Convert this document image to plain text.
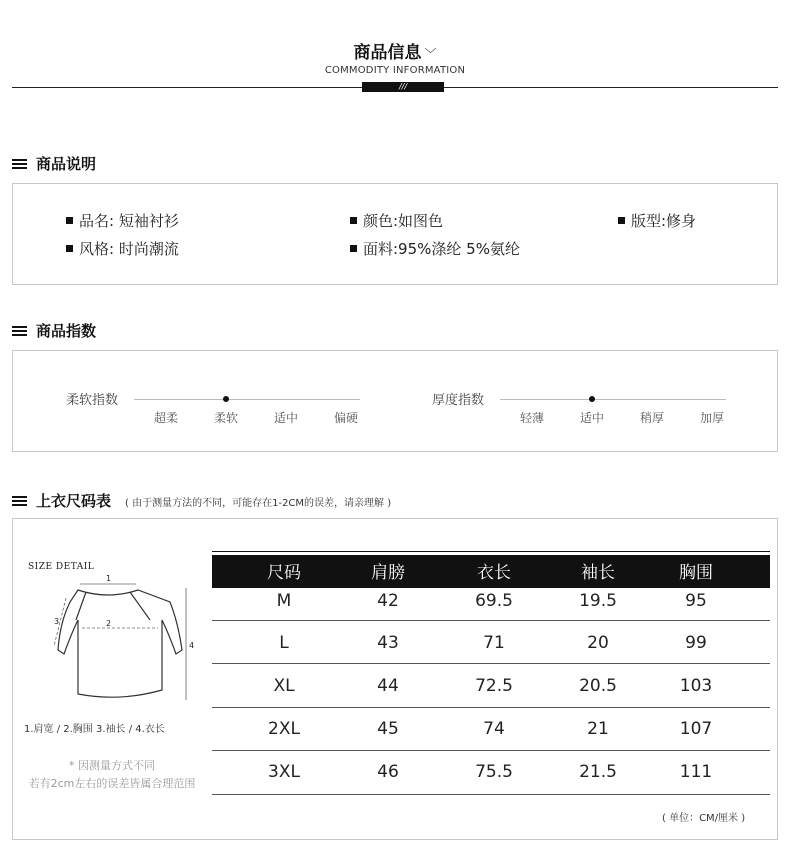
商品信息 ﹀
COMMODITY INFORMATION
///
商品说明
品名: 短袖衬衫	颜色:如图色	版型:修身
风格: 时尚潮流	面料:95%涤纶 5%氨纶
商品指数
柔软指数
超柔	柔软	适中	偏硬
厚度指数
轻薄	适中	稍厚	加厚
上衣尺码表 ( 由于测量方法的不同，可能存在1-2CM的误差，请亲理解 )
SIZE DETAIL
1
2
3
4
1.肩宽 / 2.胸围 3.袖长 / 4.衣长
* 因测量方式不同
若有2cm左右的误差皆属合理范围
尺码	肩膀	衣长	袖长	胸围
M	42	69.5	19.5	95
L	43	71	20	99
XL	44	72.5	20.5	103
2XL	45	74	21	107
3XL	46	75.5	21.5	111
( 单位：CM/厘米 )
